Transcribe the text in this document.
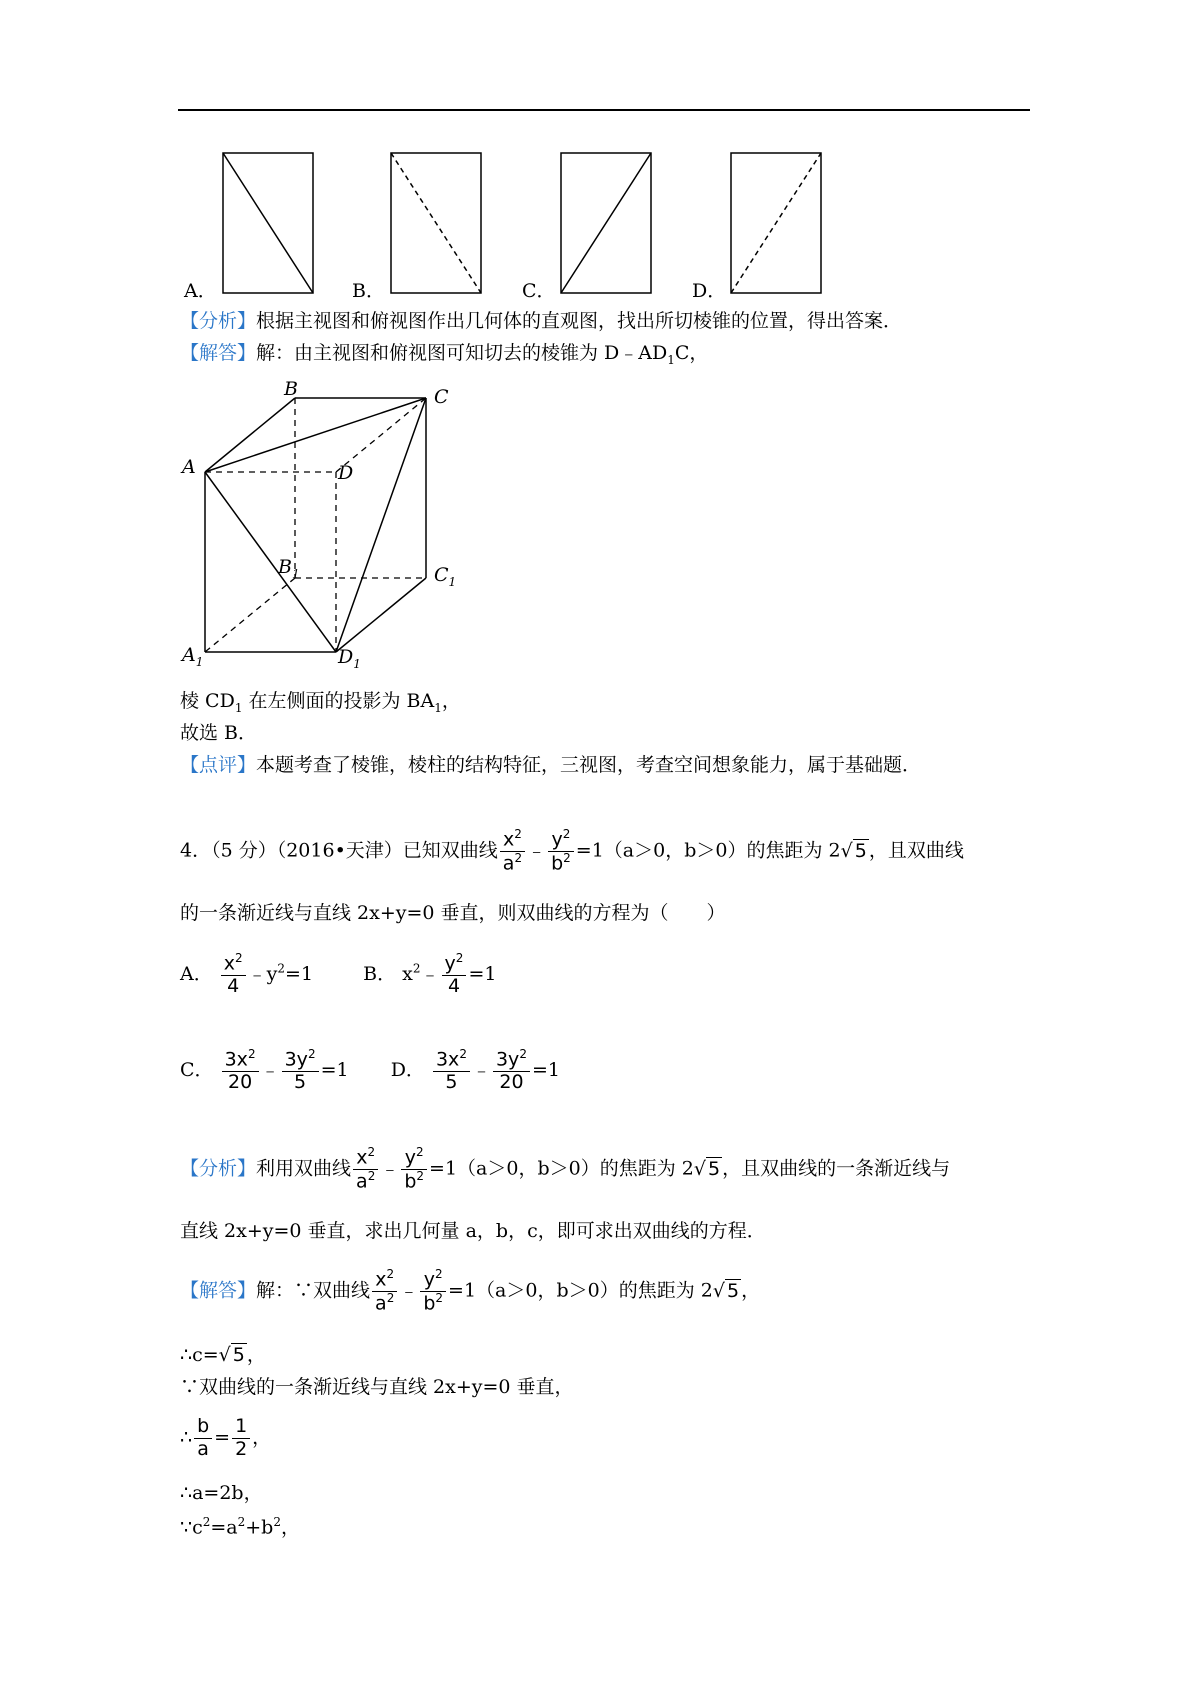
A．	B．	C．	D．
【分析】根据主视图和俯视图作出几何体的直观图，找出所切棱锥的位置，得出答案．
【解答】解：由主视图和俯视图可知切去的棱锥为 $D﹣AD_1C$，
B	C
A	D
$B_1$	$C_1$
$A_1$	$D_1$
棱 $CD_1$ 在左侧面的投影为 $BA_1$，
故选 B．
【点评】本题考查了棱锥，棱柱的结构特征，三视图，考查空间想象能力，属于基础题．
4．（5 分）（2016•天津）已知双曲线 $\frac{x^2}{a^2}$ ﹣ $\frac{y^2}{b^2} =1(a>0$，b＞0）的焦距为 2√ 5 ，且双曲线
的一条渐近线与直线 2x+y=0 垂直，则双曲线的方程为（　　）
A． $\frac{x^2}{4}$ $﹣y^2=1$	B． $x^2﹣ \frac{y^2}{4} =1$
C． $\frac{3x^2}{20}$ ﹣ $\frac{3y^2}{5} =1$ D． $\frac{3x^2}{5}$ ﹣ $\frac{3y^2}{20} =1$
【分析】利用双曲线 $\frac{x^2}{a^2}$ ﹣ $\frac{y^2}{b^2} =1(a>0$，b＞0）的焦距为 2√ 5 ，且双曲线的一条渐近线与
直线 2x+y=0 垂直，求出几何量 a，b，c，即可求出双曲线的方程．
【解答】解：∵双曲线 $\frac{x^2}{a^2}$ ﹣ $\frac{y^2}{b^2} =1(a>0$，b＞0）的焦距为 2√ 5 ，
∴c=√ 5 ，
∵双曲线的一条渐近线与直线 2x+y=0 垂直，
∴ $\frac{b}{a} = \frac{1}{2}$ ，
∴a=2b，
$\because c^2=a^2+b^2$，
